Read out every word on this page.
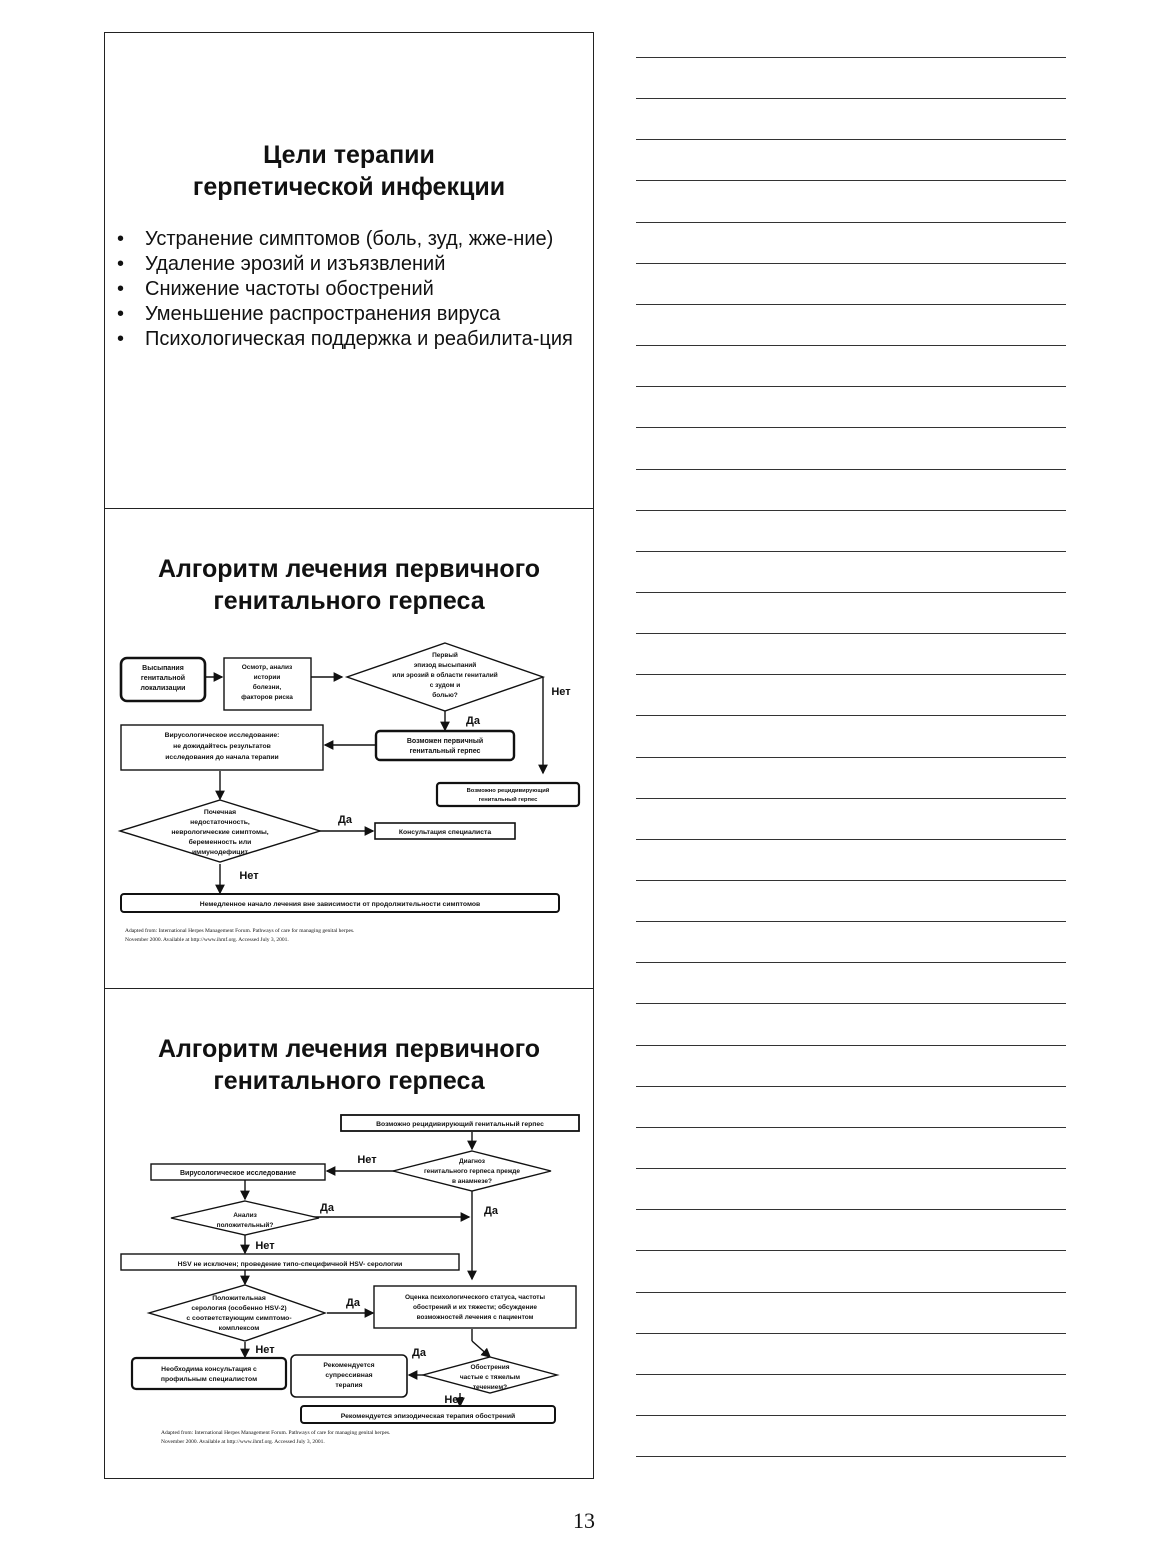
Цели терапии
герпетической инфекции
• Устранение симптомов (боль, зуд, жже-ние)
• Удаление эрозий и изъязвлений
• Снижение частоты обострений
• Уменьшение распространения вируса
• Психологическая поддержка и реабилита-ция
Алгоритм лечения первичного
генитального герпеса
Высыпания
генитальной
локализации
Осмотр, анализ
истории
болезни,
факторов риска
Первый
эпизод высыпаний
или эрозий в области гениталий
с зудом и
болью?	Нет
Да
Возможен первичный
генитальный герпес
Вирусологическое исследование:
не дожидайтесь результатов
исследования до начала терапии
Возможно рецидивирующий
генитальный герпес
Почечная
недостаточность,
неврологические симптомы,
беременность или
иммунодефицит
Да
Консультация специалиста
Нет
Немедленное начало лечения вне зависимости от продолжительности симптомов
Adapted from: International Herpes Management Forum. Pathways of care for managing genital herpes.
November 2000. Available at http://www.ihmf.org. Accessed July 3, 2001.
Алгоритм лечения первичного
генитального герпеса
Возможно рецидивирующий генитальный герпес
Диагноз
генитального герпеса прежде
в анамнезе?
Нет
Да
Вирусологическое исследование
Анализ
положительный?
Да
Нет
HSV не исключен; проведение типо-специфичной HSV- серологии
Положительная
серология (особенно HSV-2)
с соответствующим симптомо-
комплексом
Да	Оценка психологического статуса, частоты
обострений и их тяжести; обсуждение
возможностей лечения с пациентом
Нет
Необходима консультация с
профильным специалистом
Рекомендуется
супрессивная
терапия
Да
Обострения
частые с тяжелым
течением?
Нет
Рекомендуется эпизодическая терапия обострений
Adapted from: International Herpes Management Forum. Pathways of care for managing genital herpes.
November 2000. Available at http://www.ihmf.org. Accessed July 3, 2001.
13
